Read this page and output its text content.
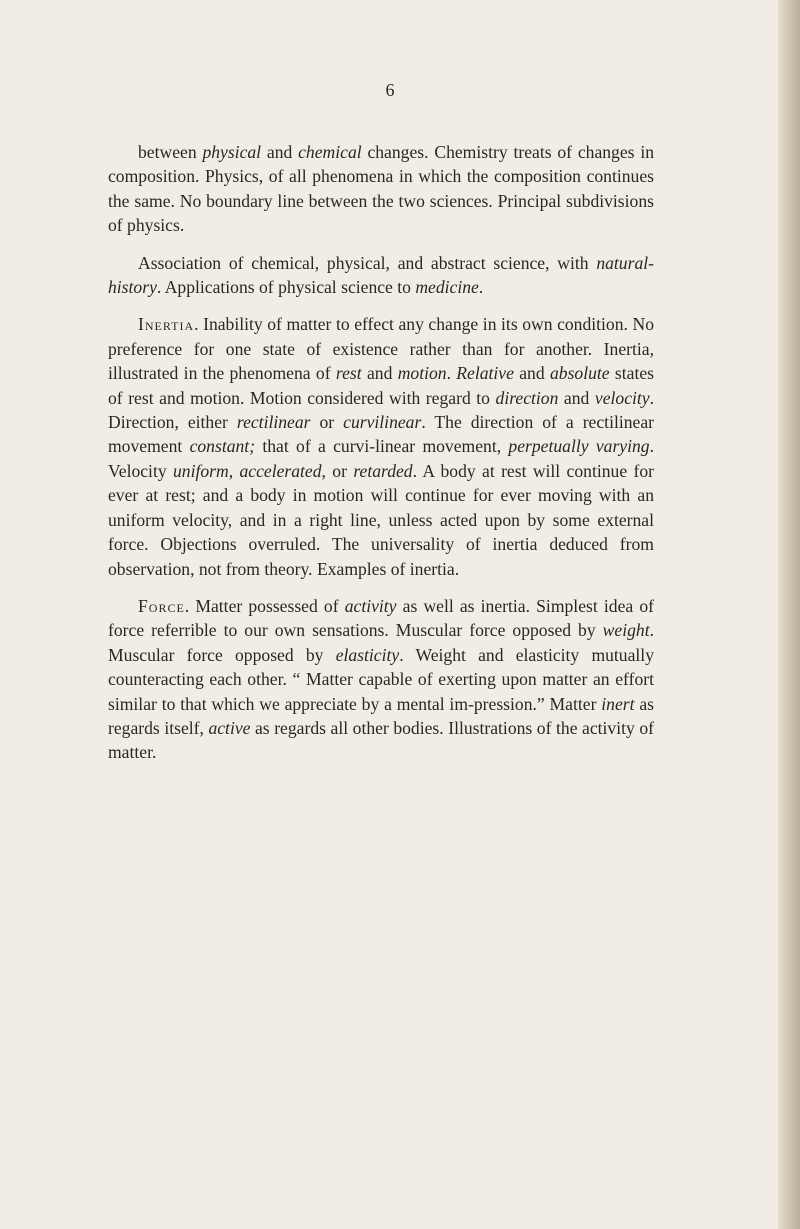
6

between physical and chemical changes. Chemistry treats of changes in composition. Physics, of all phenomena in which the composition continues the same. No boundary line between the two sciences. Principal subdivisions of physics.

Association of chemical, physical, and abstract science, with natural-history. Applications of physical science to medicine.

Inertia. Inability of matter to effect any change in its own condition. No preference for one state of existence rather than for another. Inertia, illustrated in the phenomena of rest and motion. Relative and absolute states of rest and motion. Motion considered with regard to direction and velocity. Direction, either rectilinear or curvilinear. The direction of a rectilinear movement constant; that of a curvi-linear movement, perpetually varying. Velocity uniform, accelerated, or retarded. A body at rest will continue for ever at rest; and a body in motion will continue for ever moving with an uniform velocity, and in a right line, unless acted upon by some external force. Objections overruled. The universality of inertia deduced from observation, not from theory. Examples of inertia.

Force. Matter possessed of activity as well as inertia. Simplest idea of force referrible to our own sensations. Muscular force opposed by weight. Muscular force opposed by elasticity. Weight and elasticity mutually counteracting each other. “ Matter capable of exerting upon matter an effort similar to that which we appreciate by a mental im-pression.” Matter inert as regards itself, active as regards all other bodies. Illustrations of the activity of matter.
